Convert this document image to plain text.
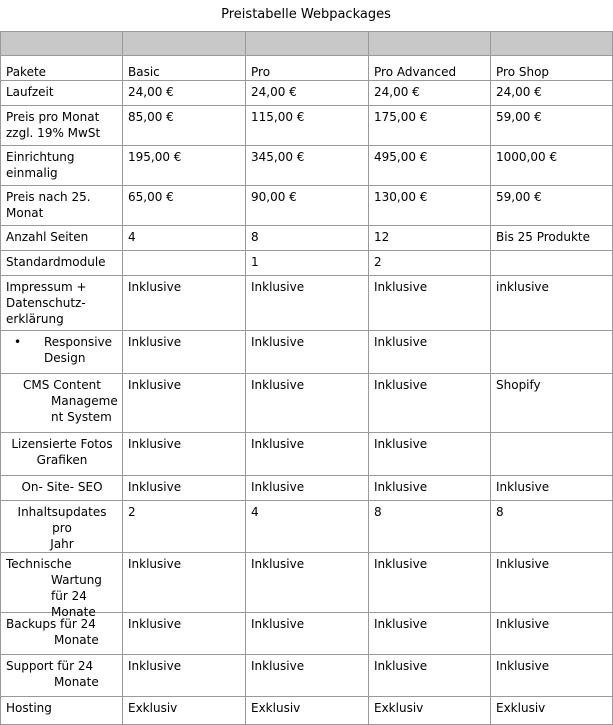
Preistabelle Webpackages

Pakete	Basic	Pro	Pro Advanced	Pro Shop
Laufzeit	24,00 €	24,00 €	24,00 €	24,00 €
Preis pro Monat zzgl. 19% MwSt	85,00 €	115,00 €	175,00 €	59,00 €
Einrichtung einmalig	195,00 €	345,00 €	495,00 €	1000,00 €
Preis nach 25. Monat	65,00 €	90,00 €	130,00 €	59,00 €
Anzahl Seiten	4	8	12	Bis 25 Produkte
Standardmodule		1	2	
Impressum + Datenschutz-erklärung	Inklusive	Inklusive	Inklusive	inklusive

• Responsive Design	Inklusive	Inklusive	Inklusive	

CMS Content
Manageme nt System	Inklusive	Inklusive	Inklusive	Shopify

Lizensierte Fotos
Grafiken	Inklusive	Inklusive	Inklusive	
On- Site- SEO	Inklusive	Inklusive	Inklusive	Inklusive

Inhaltsupdates pro
Jahr	2	4	8	8

Technische
Wartung für 24 Monate	Inklusive	Inklusive	Inklusive	Inklusive

Backups für 24
Monate	Inklusive	Inklusive	Inklusive	Inklusive

Support für 24
Monate	Inklusive	Inklusive	Inklusive	Inklusive
Hosting	Exklusiv	Exklusiv	Exklusiv	Exklusiv
